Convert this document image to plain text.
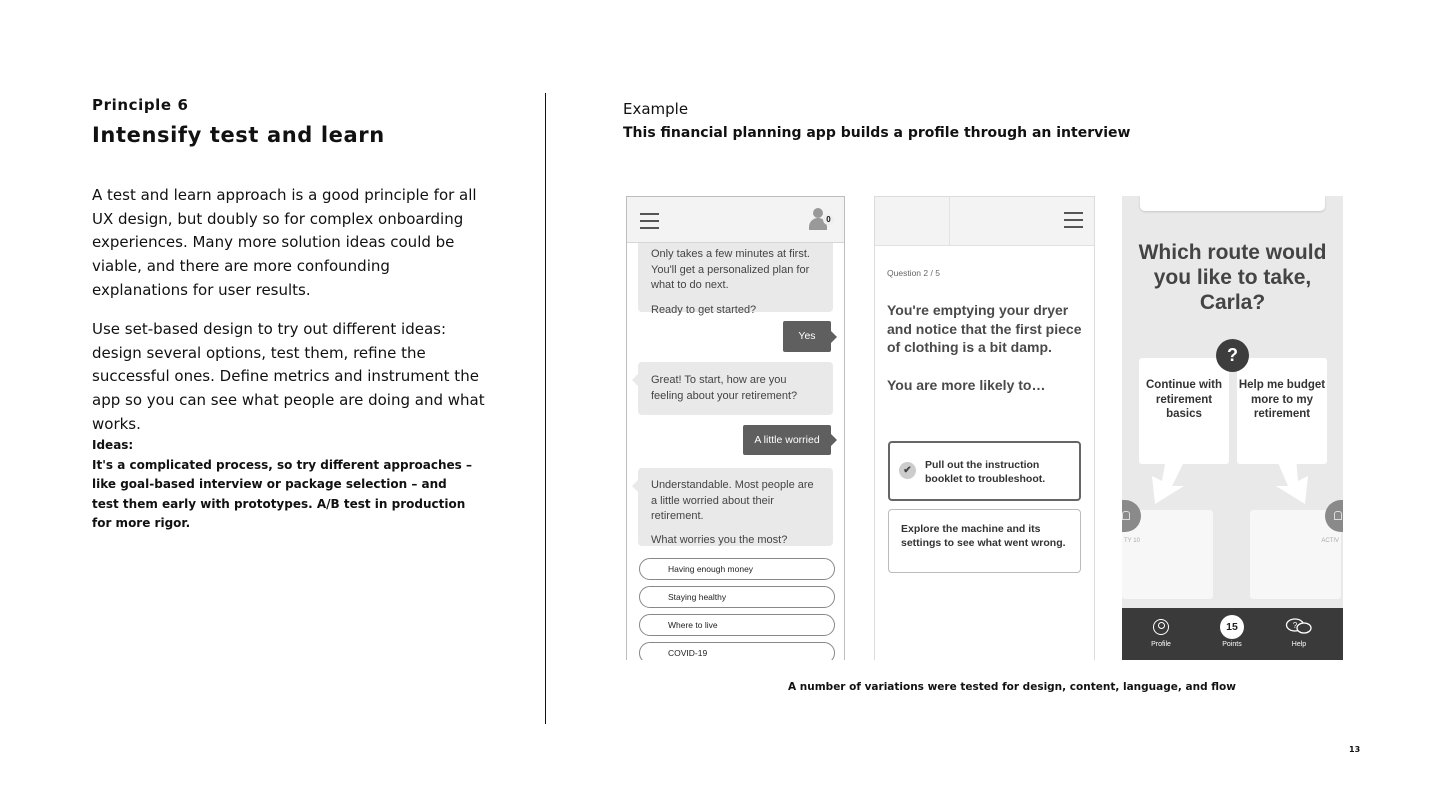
Principle 6
Intensify test and learn

A test and learn approach is a good principle for all UX design, but doubly so for complex onboarding experiences. Many more solution ideas could be viable, and there are more confounding explanations for user results.

Use set-based design to try out different ideas: design several options, test them, refine the successful ones. Define metrics and instrument the app so you can see what people are doing and what works.

Ideas:
It's a complicated process, so try different approaches – like goal-based interview or package selection – and test them early with prototypes. A/B test in production for more rigor.
Example
This financial planning app builds a profile through an interview
0
Only takes a few minutes at first. You'll get a personalized plan for what to do next.
Ready to get started?
Yes
Great! To start, how are you feeling about your retirement?
A little worried
Understandable. Most people are a little worried about their retirement.
What worries you the most?
Having enough money
Staying healthy
Where to live
COVID-19
Question 2 / 5
You're emptying your dryer and notice that the first piece of clothing is a bit damp.
You are more likely to…
✔	Pull out the instruction booklet to troubleshoot.
Explore the machine and its settings to see what went wrong.
Which route would you like to take, Carla?
Continue with retirement basics
Help me budget more to my retirement
?
TY 10	ACTIV
Profile
15
Points
?
Help
A number of variations were tested for design, content, language, and flow
13
